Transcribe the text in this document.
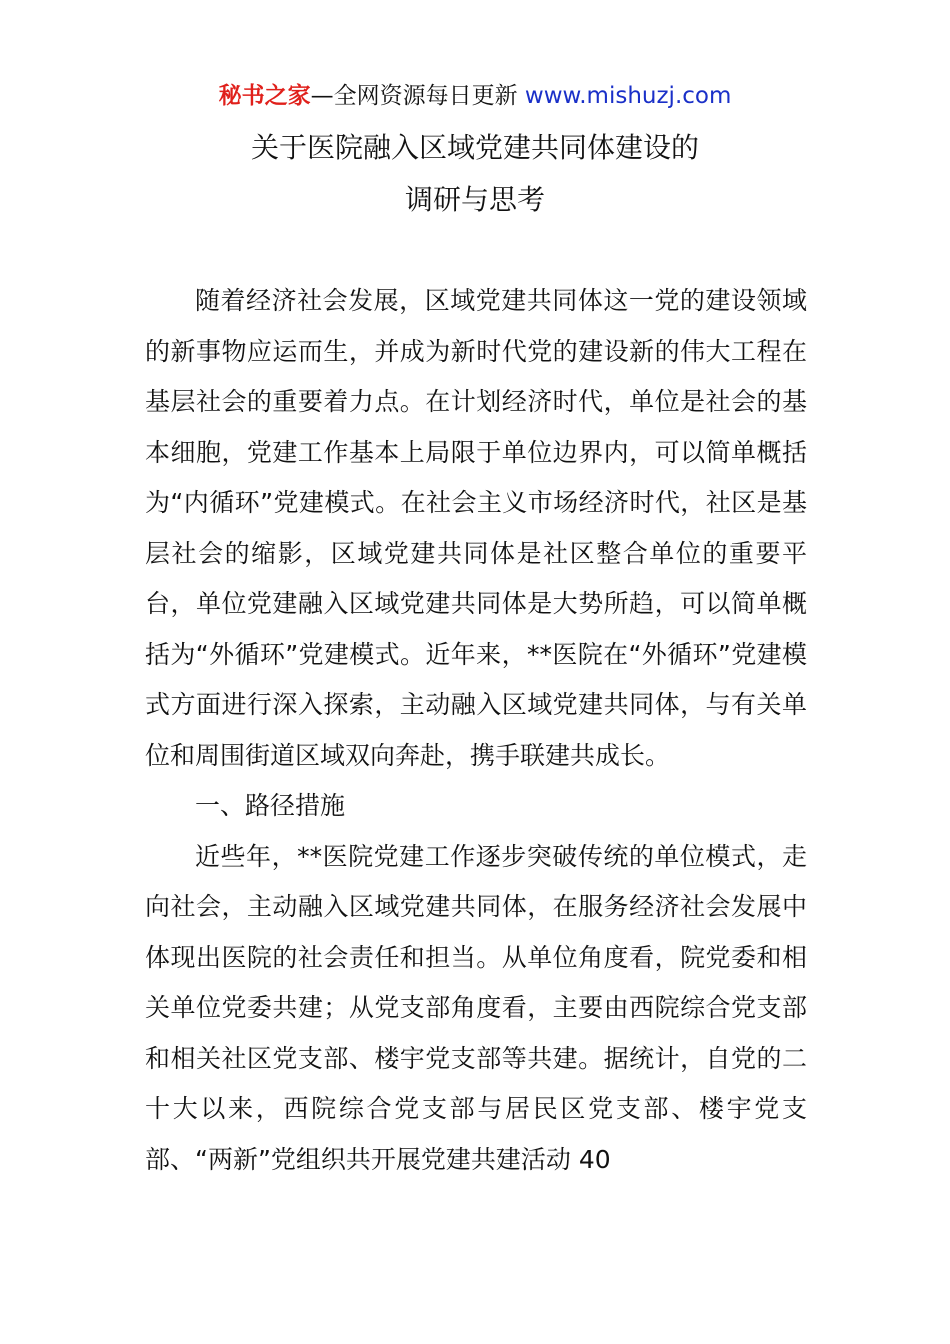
秘书之家—全网资源每日更新 www.mishuzj.com
关于医院融入区域党建共同体建设的
调研与思考

随着经济社会发展，区域党建共同体这一党的建设领域的新事物应运而生，并成为新时代党的建设新的伟大工程在基层社会的重要着力点。在计划经济时代，单位是社会的基本细胞，党建工作基本上局限于单位边界内，可以简单概括为“内循环”党建模式。在社会主义市场经济时代，社区是基层社会的缩影，区域党建共同体是社区整合单位的重要平台，单位党建融入区域党建共同体是大势所趋，可以简单概括为“外循环”党建模式。近年来，**医院在“外循环”党建模式方面进行深入探索，主动融入区域党建共同体，与有关单位和周围街道区域双向奔赴，携手联建共成长。

一、路径措施

近些年，**医院党建工作逐步突破传统的单位模式，走向社会，主动融入区域党建共同体，在服务经济社会发展中体现出医院的社会责任和担当。从单位角度看，院党委和相关单位党委共建；从党支部角度看，主要由西院综合党支部和相关社区党支部、楼宇党支部等共建。据统计，自党的二十大以来，西院综合党支部与居民区党支部、楼宇党支部、“两新”党组织共开展党建共建活动 40
